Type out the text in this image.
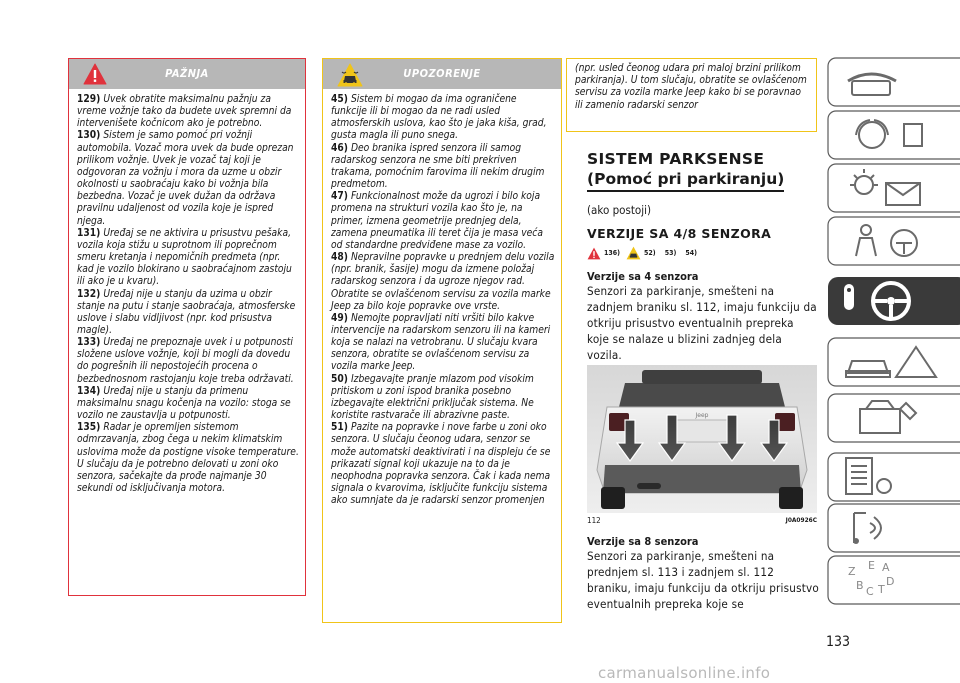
PAŽNJA

129) Uvek obratite maksimalnu pažnju za vreme vožnje tako da budete uvek spremni da intervenišete kočnicom ako je potrebno.

130) Sistem je samo pomoć pri vožnji automobila. Vozač mora uvek da bude oprezan prilikom vožnje. Uvek je vozač taj koji je odgovoran za vožnju i mora da uzme u obzir okolnosti u saobraćaju kako bi vožnja bila bezbedna. Vozač je uvek dužan da održava pravilnu udaljenost od vozila koje je ispred njega.

131) Uređaj se ne aktivira u prisustvu pešaka, vozila koja stižu u suprotnom ili poprečnom smeru kretanja i nepomičnih predmeta (npr. kad je vozilo blokirano u saobraćajnom zastoju ili ako je u kvaru).

132) Uređaj nije u stanju da uzima u obzir stanje na putu i stanje saobraćaja, atmosferske uslove i slabu vidljivost (npr. kod prisustva magle).

133) Uređaj ne prepoznaje uvek i u potpunosti složene uslove vožnje, koji bi mogli da dovedu do pogrešnih ili nepostojećih procena o bezbednosnom rastojanju koje treba održavati.

134) Uređaj nije u stanju da primenu maksimalnu snagu kočenja na vozilo: stoga se vozilo ne zaustavlja u potpunosti.

135) Radar je opremljen sistemom odmrzavanja, zbog čega u nekim klimatskim uslovima može da postigne visoke temperature. U slučaju da je potrebno delovati u zoni oko senzora, sačekajte da prođe najmanje 30 sekundi od isključivanja motora.

UPOZORENJE

45) Sistem bi mogao da ima ograničene funkcije ili bi mogao da ne radi usled atmosferskih uslova, kao što je jaka kiša, grad, gusta magla ili puno snega.

46) Deo branika ispred senzora ili samog radarskog senzora ne sme biti prekriven trakama, pomoćnim farovima ili nekim drugim predmetom.

47) Funkcionalnost može da ugrozi i bilo koja promena na strukturi vozila kao što je, na primer, izmena geometrije prednjeg dela, zamena pneumatika ili teret čija je masa veća od standardne predviđene mase za vozilo.

48) Nepravilne popravke u prednjem delu vozila (npr. branik, šasije) mogu da izmene položaj radarskog senzora i da ugroze njegov rad. Obratite se ovlašćenom servisu za vozila marke Jeep za bilo koje popravke ove vrste.

49) Nemojte popravljati niti vršiti bilo kakve intervencije na radarskom senzoru ili na kameri koja se nalazi na vetrobranu. U slučaju kvara senzora, obratite se ovlašćenom servisu za vozila marke Jeep.

50) Izbegavajte pranje mlazom pod visokim pritiskom u zoni ispod branika posebno izbegavajte električni priključak sistema. Ne koristite rastvarače ili abrazivne paste.

51) Pazite na popravke i nove farbe u zoni oko senzora. U slučaju čeonog udara, senzor se može automatski deaktivirati i na displeju će se prikazati signal koji ukazuje na to da je neophodna popravka senzora. Čak i kada nema signala o kvarovima, isključite funkciju sistema ako sumnjate da je radarski senzor promenjen

(npr. usled čeonog udara pri maloj brzini prilikom parkiranja). U tom slučaju, obratite se ovlašćenom servisu za vozila marke Jeep kako bi se poravnao ili zamenio radarski senzor

SISTEM PARKSENSE
(Pomoć pri parkiranju)
(ako postoji)
VERZIJE SA 4/8 SENZORA
136)	52) 53) 54)
Verzije sa 4 senzora

Senzori za parkiranje, smešteni na zadnjem braniku sl. 112, imaju funkciju da otkriju prisustvo eventualnih prepreka koje se nalaze u blizini zadnjeg dela vozila.

Jeep
112	J0A0926C
Verzije sa 8 senzora

Senzori za parkiranje, smešteni na prednjem sl. 113 i zadnjem sl. 112 braniku, imaju funkciju da otkriju prisustvo eventualnih prepreka koje se

133
carmanualsonline.info
Z E
B C T
D
A
